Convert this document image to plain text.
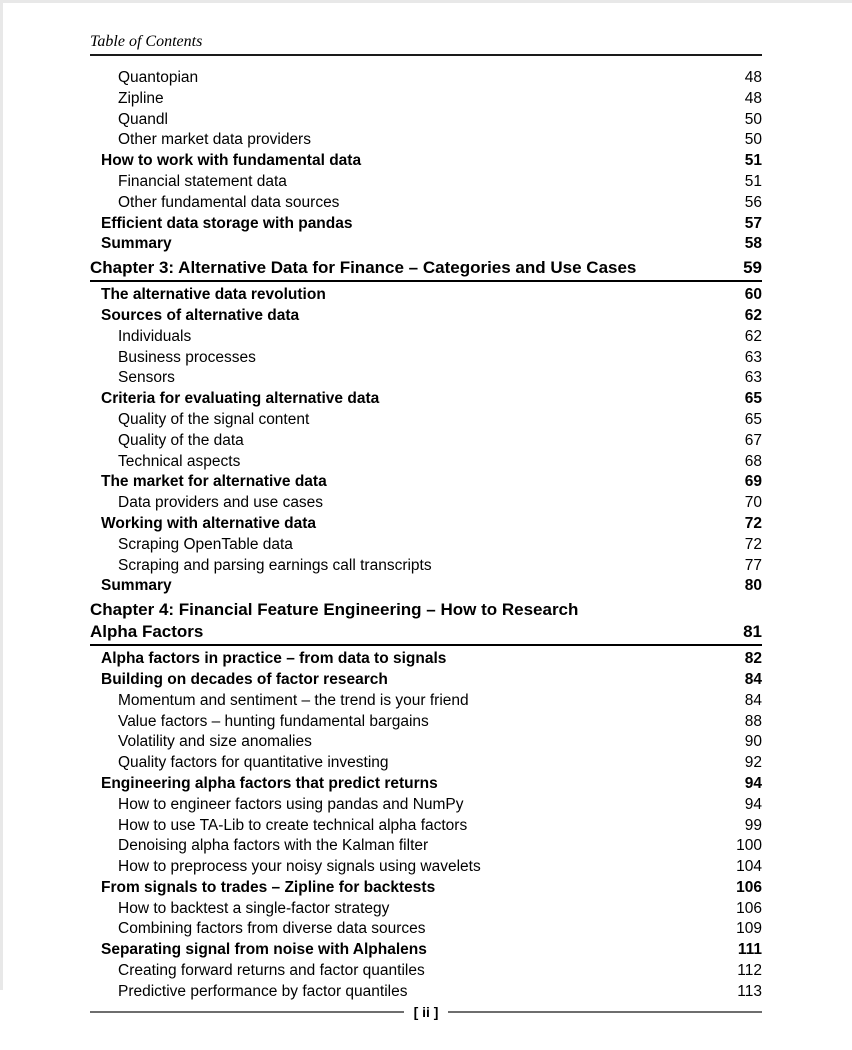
Table of Contents
Quantopian	48
Zipline	48
Quandl	50
Other market data providers	50
How to work with fundamental data	51
Financial statement data	51
Other fundamental data sources	56
Efficient data storage with pandas	57
Summary	58
Chapter 3: Alternative Data for Finance – Categories and Use Cases	59
The alternative data revolution	60
Sources of alternative data	62
Individuals	62
Business processes	63
Sensors	63
Criteria for evaluating alternative data	65
Quality of the signal content	65
Quality of the data	67
Technical aspects	68
The market for alternative data	69
Data providers and use cases	70
Working with alternative data	72
Scraping OpenTable data	72
Scraping and parsing earnings call transcripts	77
Summary	80
Chapter 4: Financial Feature Engineering – How to Research
Alpha Factors	81
Alpha factors in practice – from data to signals	82
Building on decades of factor research	84
Momentum and sentiment – the trend is your friend	84
Value factors – hunting fundamental bargains	88
Volatility and size anomalies	90
Quality factors for quantitative investing	92
Engineering alpha factors that predict returns	94
How to engineer factors using pandas and NumPy	94
How to use TA-Lib to create technical alpha factors	99
Denoising alpha factors with the Kalman filter	100
How to preprocess your noisy signals using wavelets	104
From signals to trades – Zipline for backtests	106
How to backtest a single-factor strategy	106
Combining factors from diverse data sources	109
Separating signal from noise with Alphalens	111
Creating forward returns and factor quantiles	112
Predictive performance by factor quantiles	113
[ ii ]
